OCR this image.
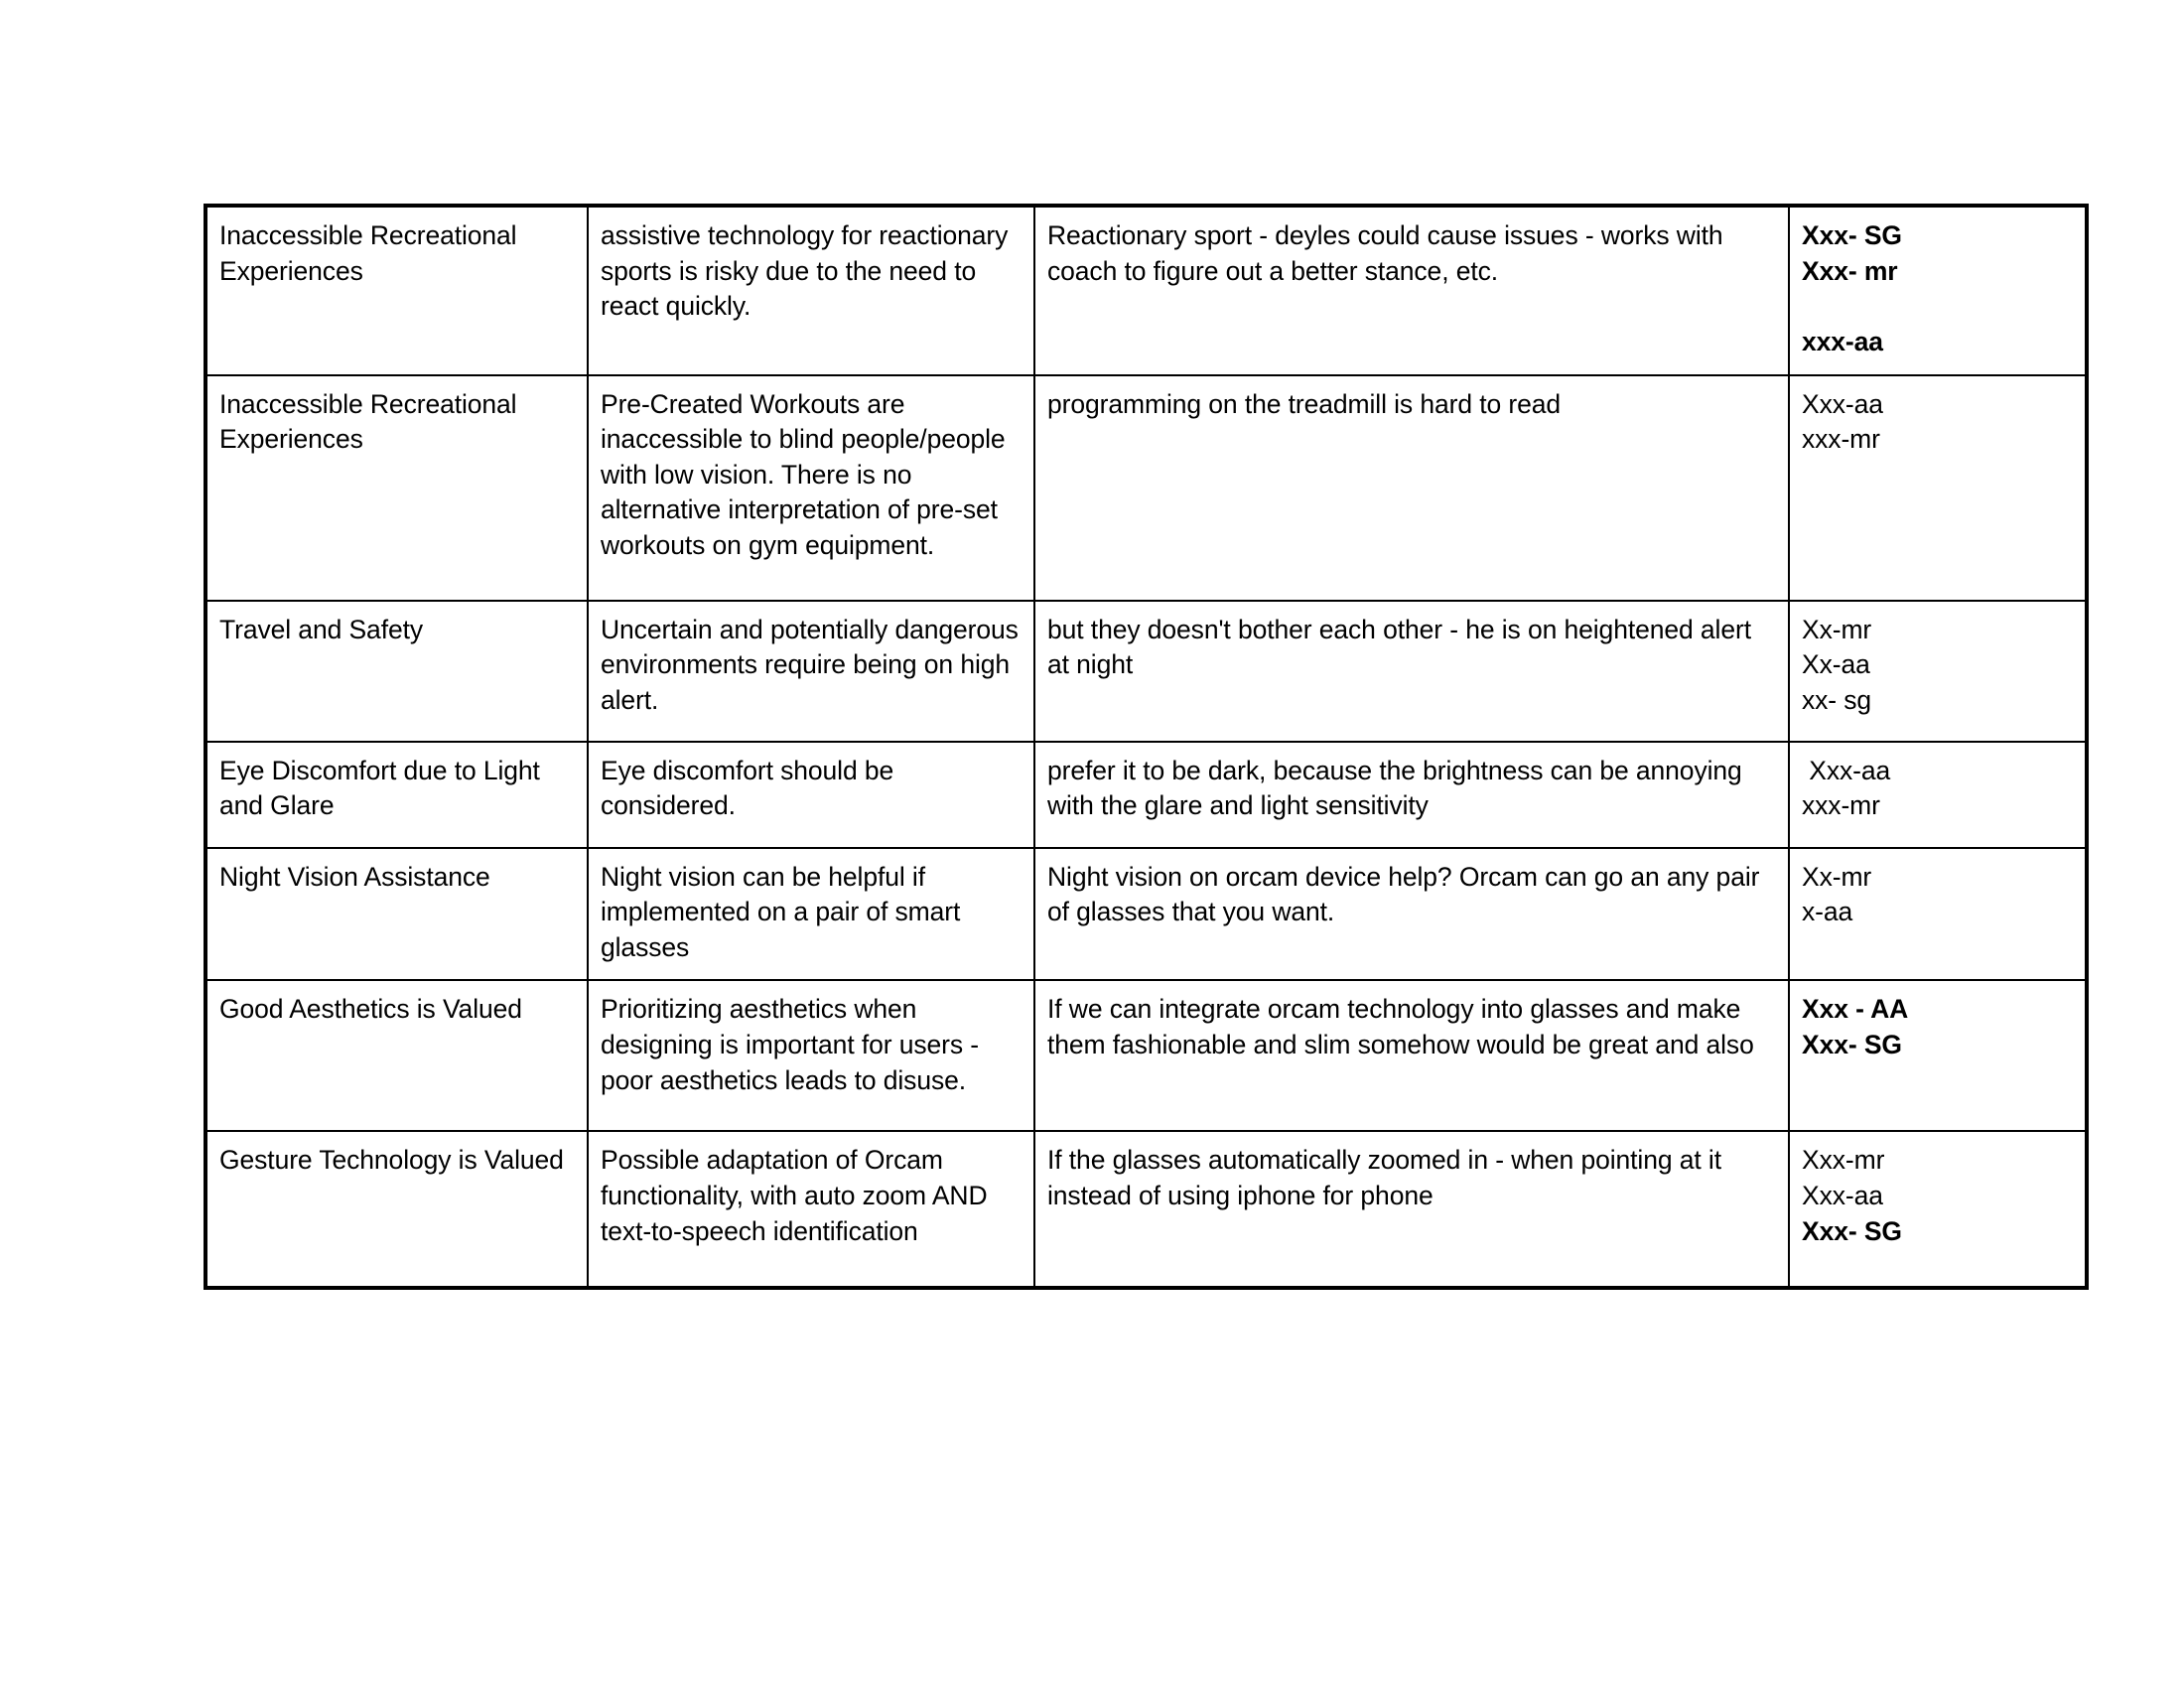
Inaccessible Recreational Experiences	assistive technology for reactionary sports is risky due to the need to react quickly.	Reactionary sport - deyles could cause issues - works with coach to figure out a better stance, etc.	Xxx- SG
Xxx- mr
xxx-aa

Inaccessible Recreational Experiences	Pre-Created Workouts are inaccessible to blind people/people with low vision. There is no alternative interpretation of pre-set workouts on gym equipment.	programming on the treadmill is hard to read	Xxx-aa
xxx-mr

Travel and Safety	Uncertain and potentially dangerous environments require being on high alert.	but they doesn't bother each other - he is on heightened alert at night	Xx-mr
Xx-aa
xx- sg

Eye Discomfort due to Light and Glare	Eye discomfort should be considered.	prefer it to be dark, because the brightness can be annoying with the glare and light sensitivity	Xxx-aa
xxx-mr

Night Vision Assistance	Night vision can be helpful if implemented on a pair of smart glasses	Night vision on orcam device help? Orcam can go an any pair of glasses that you want.	Xx-mr
x-aa

Good Aesthetics is Valued	Prioritizing aesthetics when designing is important for users - poor aesthetics leads to disuse.	If we can integrate orcam technology into glasses and make them fashionable and slim somehow would be great and also	Xxx - AA
Xxx- SG

Gesture Technology is Valued	Possible adaptation of Orcam functionality, with auto zoom AND text-to-speech identification	If the glasses automatically zoomed in - when pointing at it instead of using iphone for phone	Xxx-mr
Xxx-aa
Xxx- SG
